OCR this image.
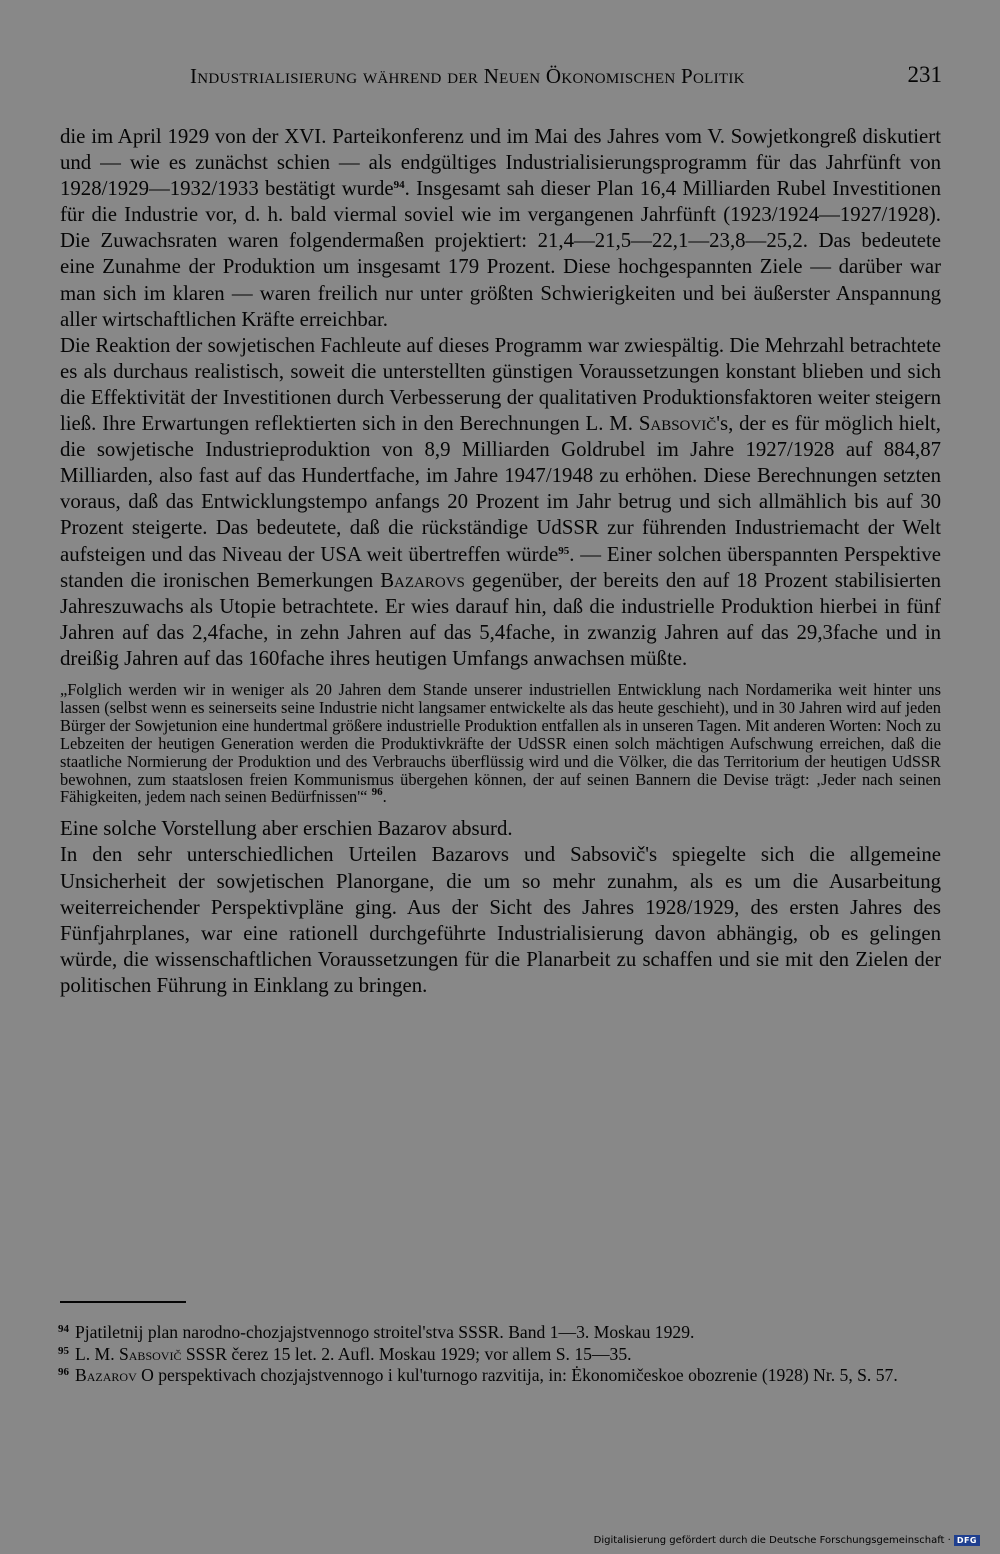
Industrialisierung während der Neuen Ökonomischen Politik	231

die im April 1929 von der XVI. Parteikonferenz und im Mai des Jahres vom V. Sowjetkongreß diskutiert und — wie es zunächst schien — als endgültiges Industrialisierungsprogramm für das Jahrfünft von 1928/1929—1932/1933 bestätigt wurde$^{94}$. Insgesamt sah dieser Plan 16,4 Milliarden Rubel Investitionen für die Industrie vor, d. h. bald viermal soviel wie im vergangenen Jahrfünft (1923/1924—1927/1928). Die Zuwachsraten waren folgendermaßen projektiert: 21,4—21,5—22,1—23,8—25,2. Das bedeutete eine Zunahme der Produktion um insgesamt 179 Prozent. Diese hochgespannten Ziele — darüber war man sich im klaren — waren freilich nur unter größten Schwierigkeiten und bei äußerster Anspannung aller wirtschaftlichen Kräfte erreichbar.

Die Reaktion der sowjetischen Fachleute auf dieses Programm war zwiespältig. Die Mehrzahl betrachtete es als durchaus realistisch, soweit die unterstellten günstigen Voraussetzungen konstant blieben und sich die Effektivität der Investitionen durch Verbesserung der qualitativen Produktionsfaktoren weiter steigern ließ. Ihre Erwartungen reflektierten sich in den Berechnungen L. M. Sabsovič's, der es für möglich hielt, die sowjetische Industrieproduktion von 8,9 Milliarden Goldrubel im Jahre 1927/1928 auf 884,87 Milliarden, also fast auf das Hundertfache, im Jahre 1947/1948 zu erhöhen. Diese Berechnungen setzten voraus, daß das Entwicklungstempo anfangs 20 Prozent im Jahr betrug und sich allmählich bis auf 30 Prozent steigerte. Das bedeutete, daß die rückständige UdSSR zur führenden Industriemacht der Welt aufsteigen und das Niveau der USA weit übertreffen würde$^{95}$. — Einer solchen überspannten Perspektive standen die ironischen Bemerkungen Bazarovs gegenüber, der bereits den auf 18 Prozent stabilisierten Jahreszuwachs als Utopie betrachtete. Er wies darauf hin, daß die industrielle Produktion hierbei in fünf Jahren auf das 2,4fache, in zehn Jahren auf das 5,4fache, in zwanzig Jahren auf das 29,3fache und in dreißig Jahren auf das 160fache ihres heutigen Umfangs anwachsen müßte.

„Folglich werden wir in weniger als 20 Jahren dem Stande unserer industriellen Entwicklung nach Nordamerika weit hinter uns lassen (selbst wenn es seinerseits seine Industrie nicht langsamer entwickelte als das heute geschieht), und in 30 Jahren wird auf jeden Bürger der Sowjetunion eine hundertmal größere industrielle Produktion entfallen als in unseren Tagen. Mit anderen Worten: Noch zu Lebzeiten der heutigen Generation werden die Produktivkräfte der UdSSR einen solch mächtigen Aufschwung erreichen, daß die staatliche Normierung der Produktion und des Verbrauchs überflüssig wird und die Völker, die das Territorium der heutigen UdSSR bewohnen, zum staatslosen freien Kommunismus übergehen können, der auf seinen Bannern die Devise trägt: ‚Jeder nach seinen Fähigkeiten, jedem nach seinen Bedürfnissen'“ $^{96}$.

Eine solche Vorstellung aber erschien Bazarov absurd.

In den sehr unterschiedlichen Urteilen Bazarovs und Sabsovič's spiegelte sich die allgemeine Unsicherheit der sowjetischen Planorgane, die um so mehr zunahm, als es um die Ausarbeitung weiterreichender Perspektivpläne ging. Aus der Sicht des Jahres 1928/1929, des ersten Jahres des Fünfjahrplanes, war eine rationell durchgeführte Industrialisierung davon abhängig, ob es gelingen würde, die wissenschaftlichen Voraussetzungen für die Planarbeit zu schaffen und sie mit den Zielen der politischen Führung in Einklang zu bringen.

$^{94}$ Pjatiletnij plan narodno-chozjajstvennogo stroitel'stva SSSR. Band 1—3. Moskau 1929.
$^{95}$ L. M. Sabsovič SSSR čerez 15 let. 2. Aufl. Moskau 1929; vor allem S. 15—35.
$^{96}$ Bazarov O perspektivach chozjajstvennogo i kul'turnogo razvitija, in: Ėkonomičeskoe obozrenie (1928) Nr. 5, S. 57.
Digitalisierung gefördert durch die Deutsche Forschungsgemeinschaft · DFG
